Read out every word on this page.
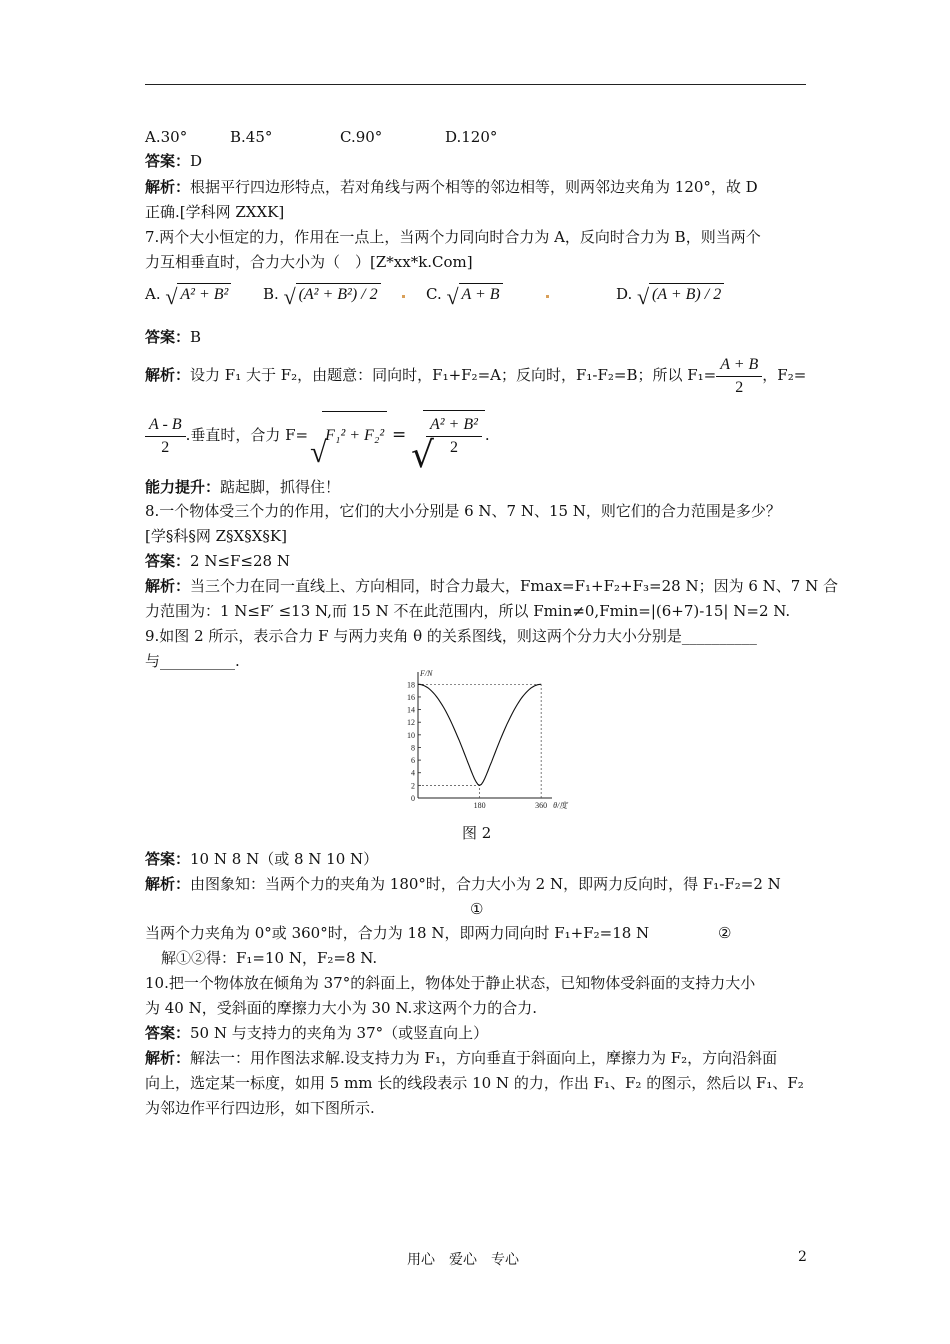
A.30°	B.45°	C.90°	D.120°
答案：D
解析：根据平行四边形特点，若对角线与两个相等的邻边相等，则两邻边夹角为 120°，故 D
正确.[学科网 ZXXK]
7.两个大小恒定的力，作用在一点上，当两个力同向时合力为 A，反向时合力为 B，则当两个
力互相垂直时，合力大小为（　）[Z*xx*k.Com]
A. √ A² + B² B. √ (A² + B²) / 2	C. √ A + B	D. √ (A + B) / 2
答案：B
解析：设力 F₁ 大于 F₂，由题意：同向时，F₁+F₂=A；反向时，F₁-F₂=B；所以 $F_1= \frac{A + B}{2}$ ，F₂=
$\frac{A - B}{2}$ .垂直时，合力 F=
√
F₁² + F₂² = √
$\frac{\text{A² + B²}}{2}$ .
能力提升：踮起脚，抓得住！
8.一个物体受三个力的作用，它们的大小分别是 6 N、7 N、15 N，则它们的合力范围是多少？
[学§科§网 Z§X§X§K]
答案：2 N≤F≤28 N
解析：当三个力在同一直线上、方向相同，时合力最大，Fmax=F₁+F₂+F₃=28 N；因为 6 N、7 N 合
力范围为：1 N≤F′ ≤13 N,而 15 N 不在此范围内，所以 Fmin≠0,Fmin=|(6+7)-15| N=2 N.
9.如图 2 所示，表示合力 F 与两力夹角 θ 的关系图线，则这两个分力大小分别是__________
与__________.
0
2
4
6
8
10
12
14
16
18
180	360
F/N
θ/度
图 2
答案：10 N 8 N（或 8 N 10 N）
解析：由图象知：当两个力的夹角为 180°时，合力大小为 2 N，即两力反向时，得 F₁-F₂=2 N
①
当两个力夹角为 0°或 360°时，合力为 18 N，即两力同向时 F₁+F₂=18 N	②
解①②得：F₁=10 N，F₂=8 N.
10.把一个物体放在倾角为 37°的斜面上，物体处于静止状态，已知物体受斜面的支持力大小
为 40 N，受斜面的摩擦力大小为 30 N.求这两个力的合力.
答案：50 N 与支持力的夹角为 37°（或竖直向上）
解析：解法一：用作图法求解.设支持力为 F₁，方向垂直于斜面向上，摩擦力为 F₂，方向沿斜面
向上，选定某一标度，如用 5 mm 长的线段表示 10 N 的力，作出 F₁、F₂ 的图示，然后以 F₁、F₂
为邻边作平行四边形，如下图所示.
用心　爱心　专心	2
